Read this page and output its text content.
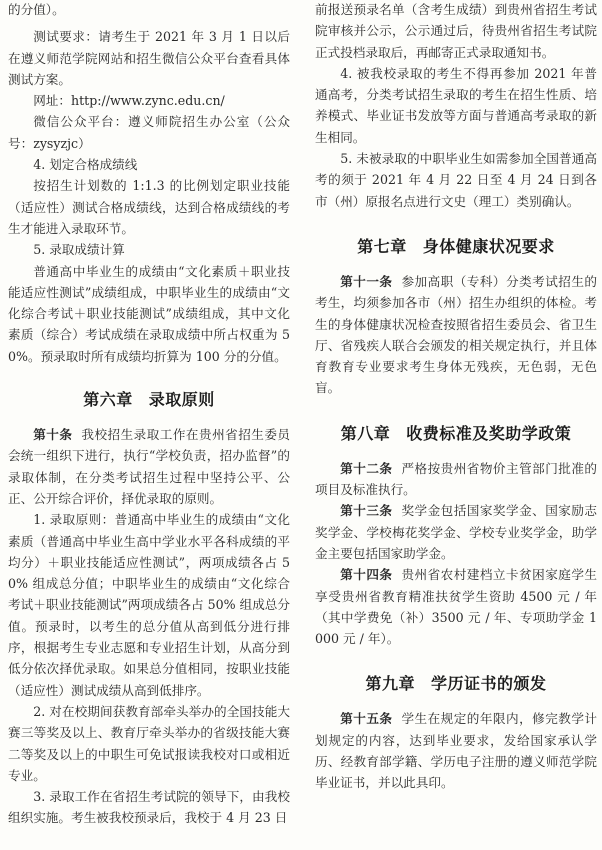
的分值）。

测试要求：请考生于 2021 年 3 月 1 日以后在遵义师范学院网站和招生微信公众平台查看具体测试方案。

网址：http://www.zync.edu.cn/

微信公众平台：遵义师院招生办公室（公众号：zysyzjc）

4. 划定合格成绩线

按招生计划数的 1:1.3 的比例划定职业技能（适应性）测试合格成绩线，达到合格成绩线的考生才能进入录取环节。

5. 录取成绩计算

普通高中毕业生的成绩由“文化素质＋职业技能适应性测试”成绩组成，中职毕业生的成绩由“文化综合考试＋职业技能测试”成绩组成，其中文化素质（综合）考试成绩在录取成绩中所占权重为 50%。预录取时所有成绩均折算为 100 分的分值。

第六章 录取原则

第十条 我校招生录取工作在贵州省招生委员会统一组织下进行，执行“学校负责，招办监督”的录取体制，在分类考试招生过程中坚持公平、公正、公开综合评价，择优录取的原则。

1. 录取原则：普通高中毕业生的成绩由“文化素质（普通高中毕业生高中学业水平各科成绩的平均分）＋职业技能适应性测试”，两项成绩各占 50% 组成总分值；中职毕业生的成绩由“文化综合考试＋职业技能测试”两项成绩各占 50% 组成总分值。预录时，以考生的总分值从高到低分进行排序，根据考生专业志愿和专业招生计划，从高分到低分依次择优录取。如果总分值相同，按职业技能（适应性）测试成绩从高到低排序。

2. 对在校期间获教育部牵头举办的全国技能大赛三等奖及以上、教育厅牵头举办的省级技能大赛二等奖及以上的中职生可免试报读我校对口或相近专业。

3. 录取工作在省招生考试院的领导下，由我校组织实施。考生被我校预录后，我校于 4 月 23 日

前报送预录名单（含考生成绩）到贵州省招生考试院审核并公示，公示通过后，待贵州省招生考试院正式投档录取后，再邮寄正式录取通知书。

4. 被我校录取的考生不得再参加 2021 年普通高考，分类考试招生录取的考生在招生性质、培养模式、毕业证书发放等方面与普通高考录取的新生相同。

5. 未被录取的中职毕业生如需参加全国普通高考的须于 2021 年 4 月 22 日至 4 月 24 日到各市（州）原报名点进行文史（理工）类别确认。

第七章 身体健康状况要求

第十一条 参加高职（专科）分类考试招生的考生，均须参加各市（州）招生办组织的体检。考生的身体健康状况检查按照省招生委员会、省卫生厅、省残疾人联合会颁发的相关规定执行，并且体育教育专业要求考生身体无残疾，无色弱，无色盲。

第八章 收费标准及奖助学政策

第十二条 严格按贵州省物价主管部门批准的项目及标准执行。

第十三条 奖学金包括国家奖学金、国家励志奖学金、学校梅花奖学金、学校专业奖学金，助学金主要包括国家助学金。

第十四条 贵州省农村建档立卡贫困家庭学生享受贵州省教育精准扶贫学生资助 4500 元 / 年（其中学费免（补）3500 元 / 年、专项助学金 1000 元 / 年）。

第九章 学历证书的颁发

第十五条 学生在规定的年限内，修完教学计划规定的内容，达到毕业要求，发给国家承认学历、经教育部学籍、学历电子注册的遵义师范学院毕业证书，并以此具印。
